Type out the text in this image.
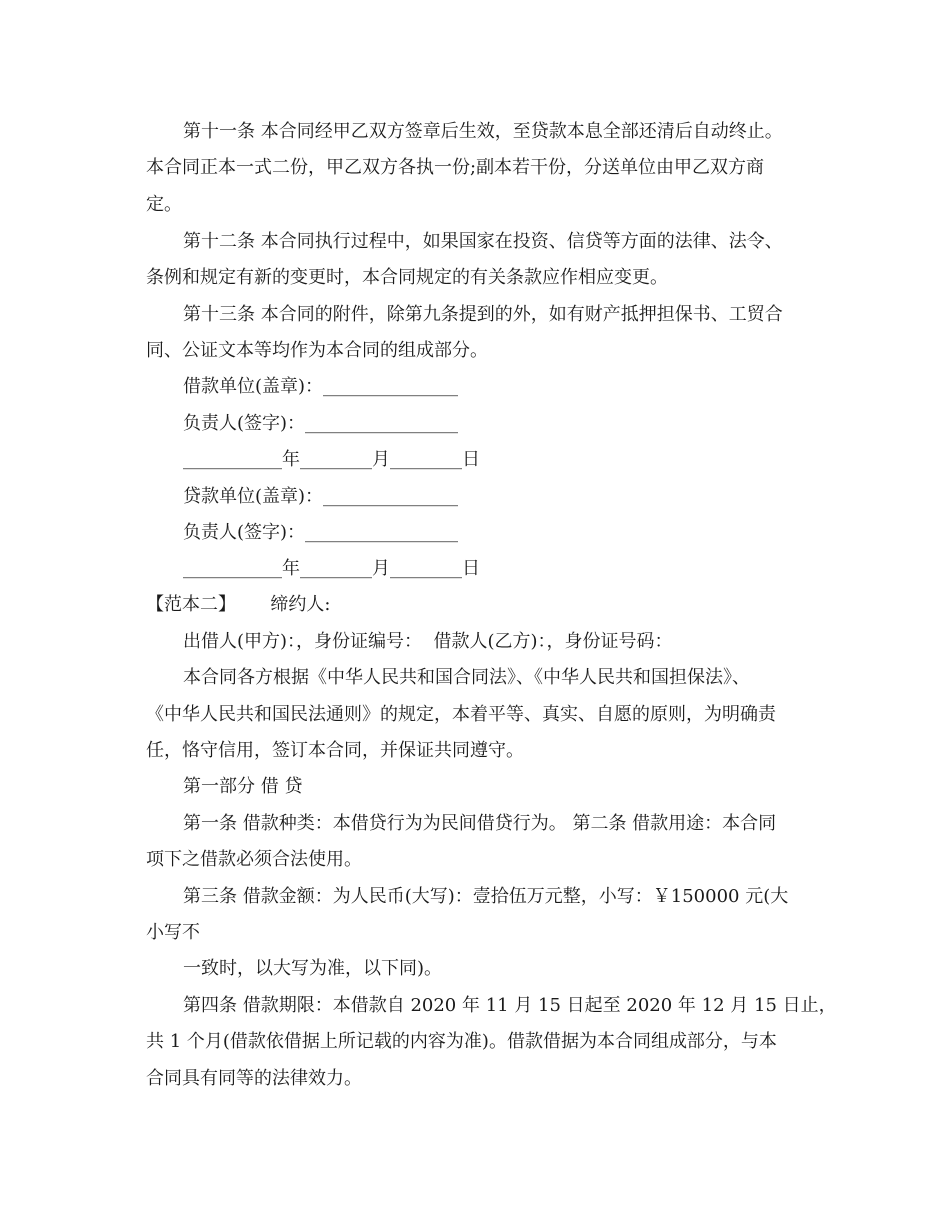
第十一条 本合同经甲乙双方签章后生效，至贷款本息全部还清后自动终止。
本合同正本一式二份，甲乙双方各执一份;副本若干份，分送单位由甲乙双方商
定。
第十二条 本合同执行过程中，如果国家在投资、信贷等方面的法律、法令、
条例和规定有新的变更时，本合同规定的有关条款应作相应变更。
第十三条 本合同的附件，除第九条提到的外，如有财产抵押担保书、工贸合
同、公证文本等均作为本合同的组成部分。
借款单位(盖章)：_______________
负责人(签字)：_________________
___________年________月________日
贷款单位(盖章)：_______________
负责人(签字)：_________________
___________年________月________日
【范本二】      缔约人:
出借人(甲方)：，身份证编号：  借款人(乙方)：，身份证号码：
本合同各方根据《中华人民共和国合同法》、《中华人民共和国担保法》、
《中华人民共和国民法通则》的规定，本着平等、真实、自愿的原则，为明确责
任，恪守信用，签订本合同，并保证共同遵守。
第一部分 借 贷
第一条 借款种类：本借贷行为为民间借贷行为。 第二条 借款用途：本合同
项下之借款必须合法使用。
第三条 借款金额：为人民币(大写)：壹拾伍万元整，小写：￥150000 元(大
小写不
一致时，以大写为准，以下同)。
第四条 借款期限：本借款自 2020 年 11 月 15 日起至 2020 年 12 月 15 日止，
共 1 个月(借款依借据上所记载的内容为准)。借款借据为本合同组成部分，与本
合同具有同等的法律效力。
